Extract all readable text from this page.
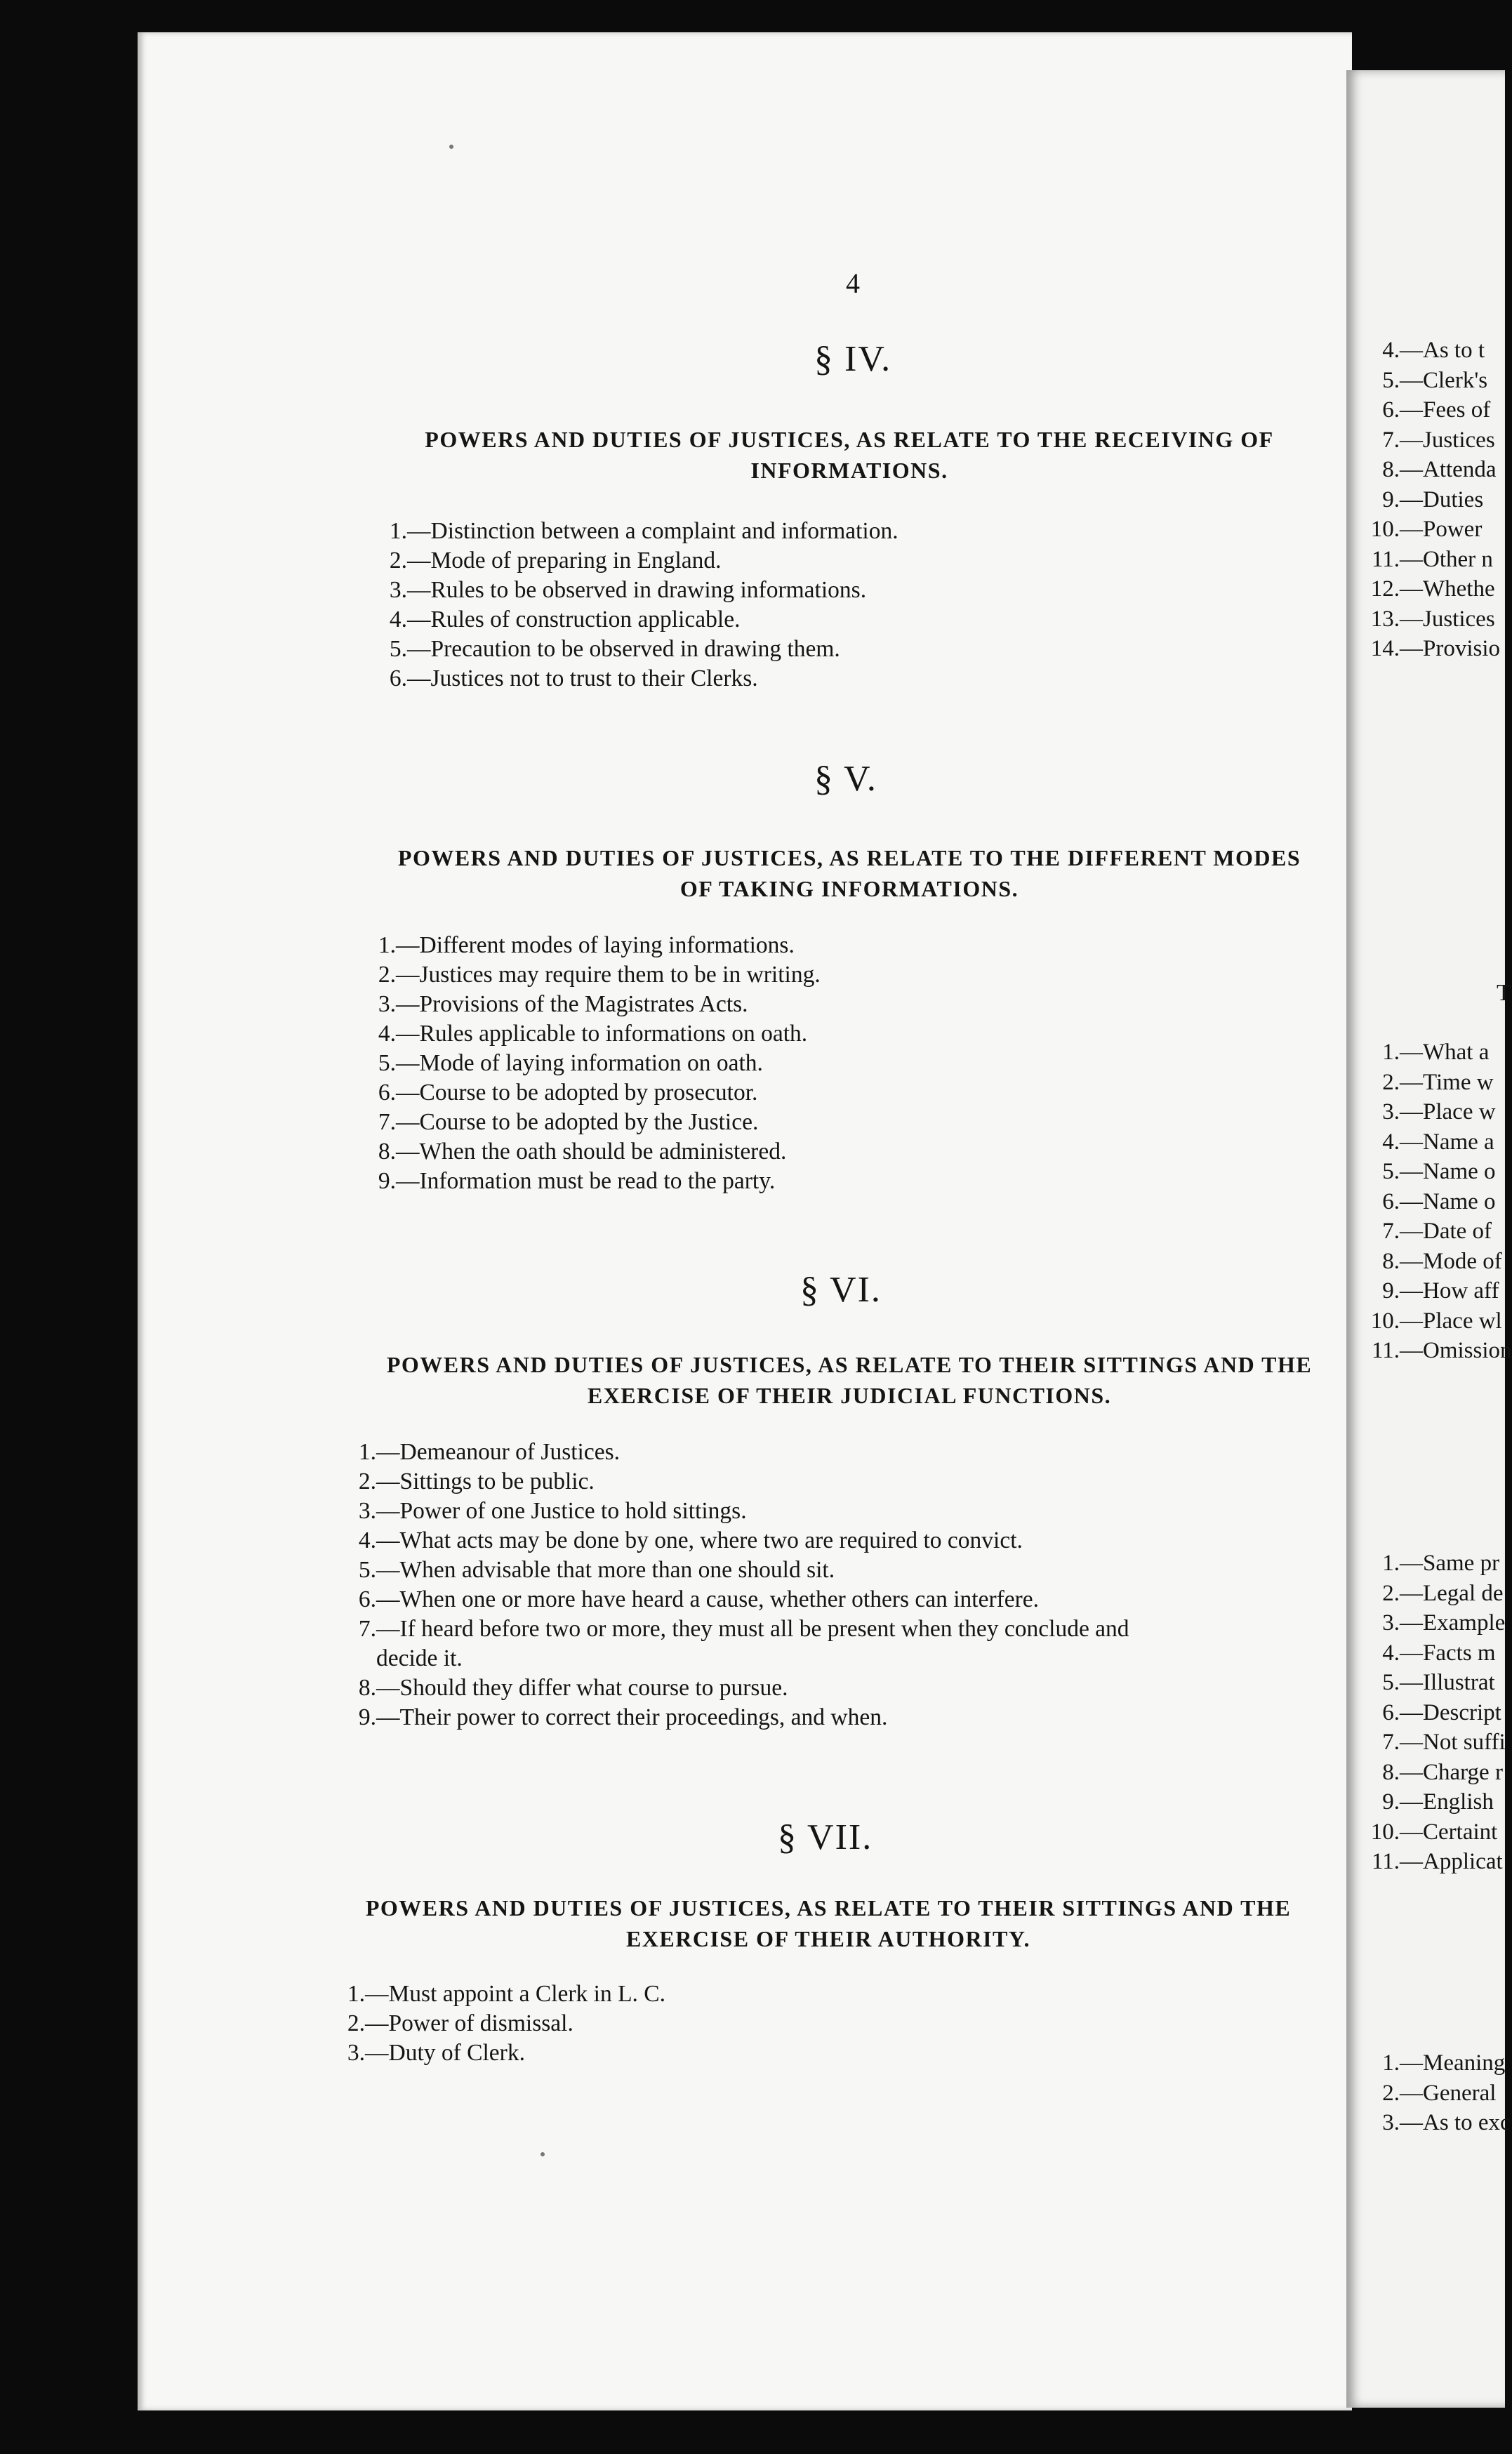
4.—As to t
5.—Clerk's
6.—Fees of
7.—Justices
8.—Attenda
9.—Duties
10.—Power
11.—Other n
12.—Whethe
13.—Justices
14.—Provisio
T
1.—What a
2.—Time w
3.—Place w
4.—Name a
5.—Name o
6.—Name o
7.—Date of
8.—Mode of
9.—How aff
10.—Place wl
11.—Omission
1.—Same pr
2.—Legal de
3.—Example
4.—Facts m
5.—Illustrat
6.—Descript
7.—Not suffi
8.—Charge r
9.—English
10.—Certaint
11.—Applicat
1.—Meaning
2.—General
3.—As to exc
4
§ IV.
POWERS AND DUTIES OF JUSTICES, AS RELATE TO THE RECEIVING OF INFORMATIONS.
1.—Distinction between a complaint and information.
2.—Mode of preparing in England.
3.—Rules to be observed in drawing informations.
4.—Rules of construction applicable.
5.—Precaution to be observed in drawing them.
6.—Justices not to trust to their Clerks.
§ V.
POWERS AND DUTIES OF JUSTICES, AS RELATE TO THE DIFFERENT MODES OF TAKING INFORMATIONS.
1.—Different modes of laying informations.
2.—Justices may require them to be in writing.
3.—Provisions of the Magistrates Acts.
4.—Rules applicable to informations on oath.
5.—Mode of laying information on oath.
6.—Course to be adopted by prosecutor.
7.—Course to be adopted by the Justice.
8.—When the oath should be administered.
9.—Information must be read to the party.
§ VI.
POWERS AND DUTIES OF JUSTICES, AS RELATE TO THEIR SITTINGS AND THE EXERCISE OF THEIR JUDICIAL FUNCTIONS.
1.—Demeanour of Justices.
2.—Sittings to be public.
3.—Power of one Justice to hold sittings.
4.—What acts may be done by one, where two are required to convict.
5.—When advisable that more than one should sit.
6.—When one or more have heard a cause, whether others can interfere.
7.—If heard before two or more, they must all be present when they conclude and
decide it.
8.—Should they differ what course to pursue.
9.—Their power to correct their proceedings, and when.
§ VII.
POWERS AND DUTIES OF JUSTICES, AS RELATE TO THEIR SITTINGS AND THE EXERCISE OF THEIR AUTHORITY.
1.—Must appoint a Clerk in L. C.
2.—Power of dismissal.
3.—Duty of Clerk.
